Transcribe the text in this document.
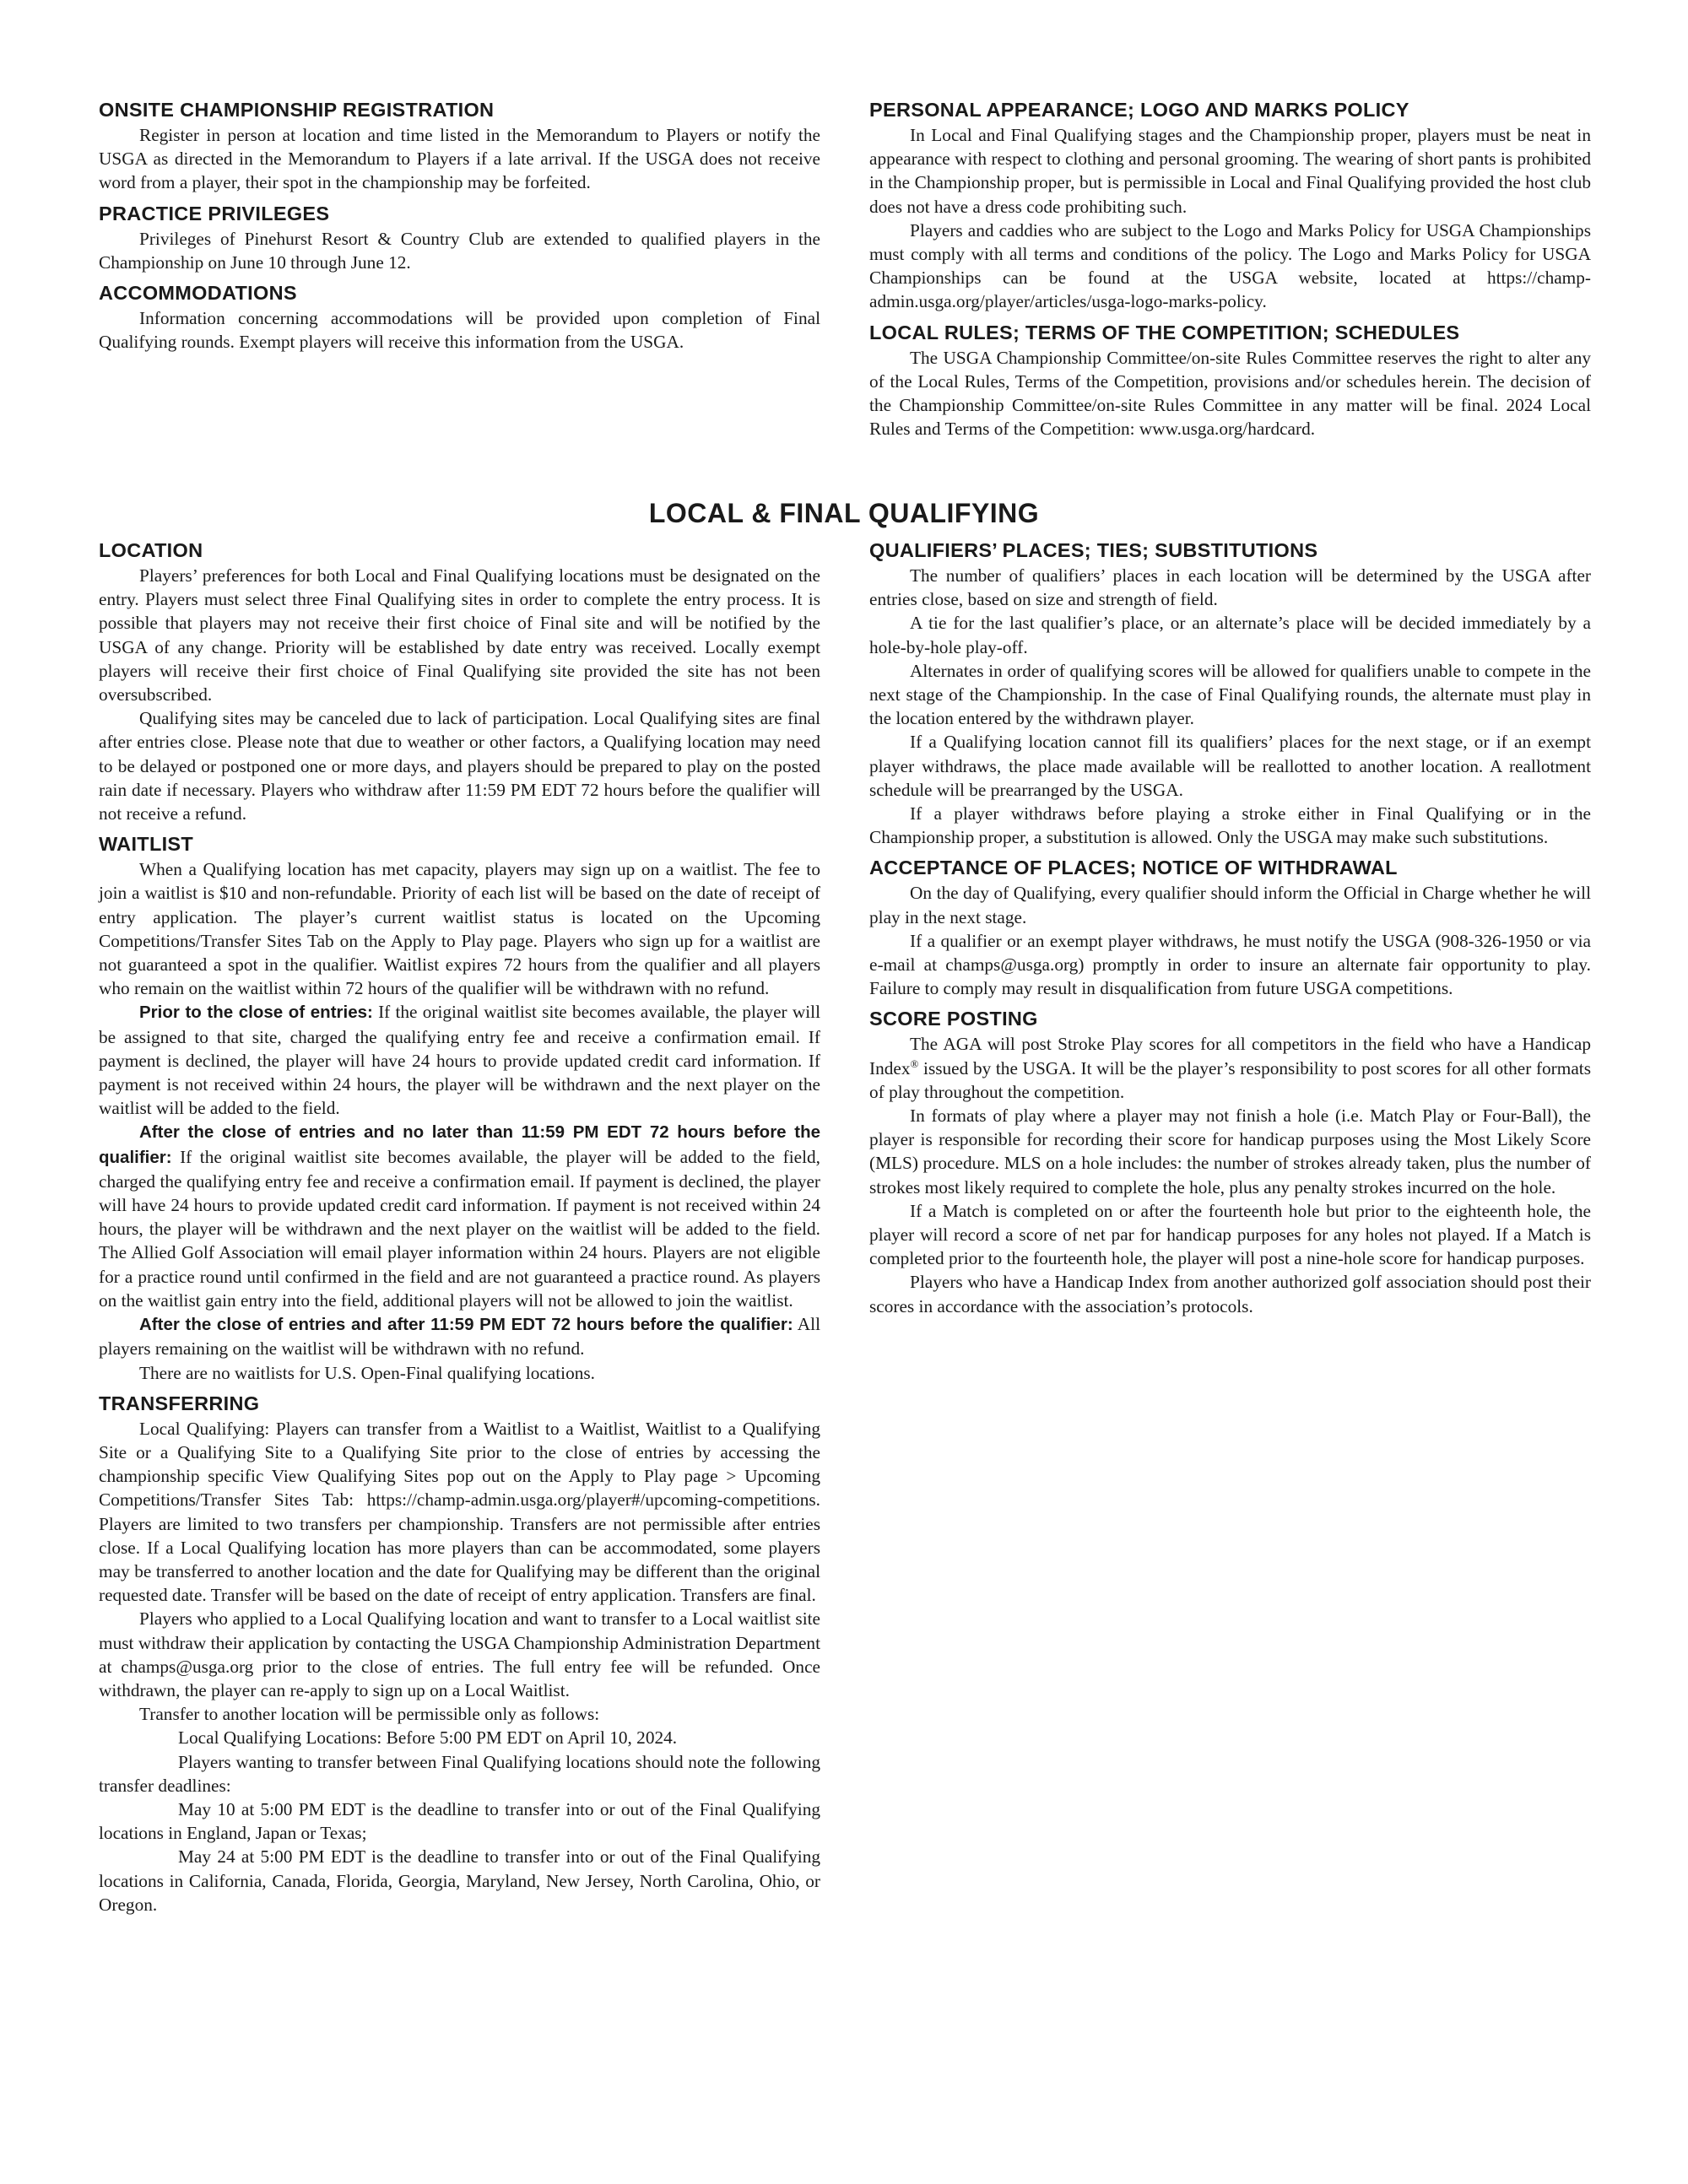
ONSITE CHAMPIONSHIP REGISTRATION

Register in person at location and time listed in the Memorandum to Players or notify the USGA as directed in the Memorandum to Players if a late arrival. If the USGA does not receive word from a player, their spot in the championship may be forfeited.

PRACTICE PRIVILEGES

Privileges of Pinehurst Resort & Country Club are extended to qualified players in the Championship on June 10 through June 12.

ACCOMMODATIONS

Information concerning accommodations will be provided upon completion of Final Qualifying rounds. Exempt players will receive this information from the USGA.

PERSONAL APPEARANCE; LOGO AND MARKS POLICY

In Local and Final Qualifying stages and the Championship proper, players must be neat in appearance with respect to clothing and personal grooming. The wearing of short pants is prohibited in the Championship proper, but is permissible in Local and Final Qualifying provided the host club does not have a dress code prohibiting such.

Players and caddies who are subject to the Logo and Marks Policy for USGA Championships must comply with all terms and conditions of the policy. The Logo and Marks Policy for USGA Championships can be found at the USGA website, located at https://champ-admin.usga.org/player/articles/usga-logo-marks-policy.

LOCAL RULES; TERMS OF THE COMPETITION; SCHEDULES

The USGA Championship Committee/on-site Rules Committee reserves the right to alter any of the Local Rules, Terms of the Competition, provisions and/or schedules herein. The decision of the Championship Committee/on-site Rules Committee in any matter will be final. 2024 Local Rules and Terms of the Competition: www.usga.org/hardcard.

LOCAL & FINAL QUALIFYING
LOCATION

Players’ preferences for both Local and Final Qualifying locations must be designated on the entry. Players must select three Final Qualifying sites in order to complete the entry process. It is possible that players may not receive their first choice of Final site and will be notified by the USGA of any change. Priority will be established by date entry was received. Locally exempt players will receive their first choice of Final Qualifying site provided the site has not been oversubscribed.

Qualifying sites may be canceled due to lack of participation. Local Qualifying sites are final after entries close. Please note that due to weather or other factors, a Qualifying location may need to be delayed or postponed one or more days, and players should be prepared to play on the posted rain date if necessary. Players who withdraw after 11:59 PM EDT 72 hours before the qualifier will not receive a refund.

WAITLIST

When a Qualifying location has met capacity, players may sign up on a waitlist. The fee to join a waitlist is $10 and non-refundable. Priority of each list will be based on the date of receipt of entry application. The player’s current waitlist status is located on the Upcoming Competitions/Transfer Sites Tab on the Apply to Play page. Players who sign up for a waitlist are not guaranteed a spot in the qualifier. Waitlist expires 72 hours from the qualifier and all players who remain on the waitlist within 72 hours of the qualifier will be withdrawn with no refund.

Prior to the close of entries: If the original waitlist site becomes available, the player will be assigned to that site, charged the qualifying entry fee and receive a confirmation email. If payment is declined, the player will have 24 hours to provide updated credit card information. If payment is not received within 24 hours, the player will be withdrawn and the next player on the waitlist will be added to the field.

After the close of entries and no later than 11:59 PM EDT 72 hours before the qualifier: If the original waitlist site becomes available, the player will be added to the field, charged the qualifying entry fee and receive a confirmation email. If payment is declined, the player will have 24 hours to provide updated credit card information. If payment is not received within 24 hours, the player will be withdrawn and the next player on the waitlist will be added to the field. The Allied Golf Association will email player information within 24 hours. Players are not eligible for a practice round until confirmed in the field and are not guaranteed a practice round. As players on the waitlist gain entry into the field, additional players will not be allowed to join the waitlist.

After the close of entries and after 11:59 PM EDT 72 hours before the qualifier: All players remaining on the waitlist will be withdrawn with no refund.

There are no waitlists for U.S. Open-Final qualifying locations.

TRANSFERRING

Local Qualifying: Players can transfer from a Waitlist to a Waitlist, Waitlist to a Qualifying Site or a Qualifying Site to a Qualifying Site prior to the close of entries by accessing the championship specific View Qualifying Sites pop out on the Apply to Play page > Upcoming Competitions/Transfer Sites Tab: https://champ-admin.usga.org/player#/upcoming-competitions. Players are limited to two transfers per championship. Transfers are not permissible after entries close. If a Local Qualifying location has more players than can be accommodated, some players may be transferred to another location and the date for Qualifying may be different than the original requested date. Transfer will be based on the date of receipt of entry application. Transfers are final.

Players who applied to a Local Qualifying location and want to transfer to a Local waitlist site must withdraw their application by contacting the USGA Championship Administration Department at champs@usga.org prior to the close of entries. The full entry fee will be refunded. Once withdrawn, the player can re-apply to sign up on a Local Waitlist.

Transfer to another location will be permissible only as follows:

Local Qualifying Locations: Before 5:00 PM EDT on April 10, 2024.

Players wanting to transfer between Final Qualifying locations should note the following transfer deadlines:

May 10 at 5:00 PM EDT is the deadline to transfer into or out of the Final Qualifying locations in England, Japan or Texas;

May 24 at 5:00 PM EDT is the deadline to transfer into or out of the Final Qualifying locations in California, Canada, Florida, Georgia, Maryland, New Jersey, North Carolina, Ohio, or Oregon.

QUALIFIERS’ PLACES; TIES; SUBSTITUTIONS

The number of qualifiers’ places in each location will be determined by the USGA after entries close, based on size and strength of field.

A tie for the last qualifier’s place, or an alternate’s place will be decided immediately by a hole-by-hole play-off.

Alternates in order of qualifying scores will be allowed for qualifiers unable to compete in the next stage of the Championship. In the case of Final Qualifying rounds, the alternate must play in the location entered by the withdrawn player.

If a Qualifying location cannot fill its qualifiers’ places for the next stage, or if an exempt player withdraws, the place made available will be reallotted to another location. A reallotment schedule will be prearranged by the USGA.

If a player withdraws before playing a stroke either in Final Qualifying or in the Championship proper, a substitution is allowed. Only the USGA may make such substitutions.

ACCEPTANCE OF PLACES; NOTICE OF WITHDRAWAL

On the day of Qualifying, every qualifier should inform the Official in Charge whether he will play in the next stage.

If a qualifier or an exempt player withdraws, he must notify the USGA (908-326-1950 or via e-mail at champs@usga.org) promptly in order to insure an alternate fair opportunity to play. Failure to comply may result in disqualification from future USGA competitions.

SCORE POSTING

The AGA will post Stroke Play scores for all competitors in the field who have a Handicap Index® issued by the USGA. It will be the player’s responsibility to post scores for all other formats of play throughout the competition.

In formats of play where a player may not finish a hole (i.e. Match Play or Four-Ball), the player is responsible for recording their score for handicap purposes using the Most Likely Score (MLS) procedure. MLS on a hole includes: the number of strokes already taken, plus the number of strokes most likely required to complete the hole, plus any penalty strokes incurred on the hole.

If a Match is completed on or after the fourteenth hole but prior to the eighteenth hole, the player will record a score of net par for handicap purposes for any holes not played. If a Match is completed prior to the fourteenth hole, the player will post a nine-hole score for handicap purposes.

Players who have a Handicap Index from another authorized golf association should post their scores in accordance with the association’s protocols.
